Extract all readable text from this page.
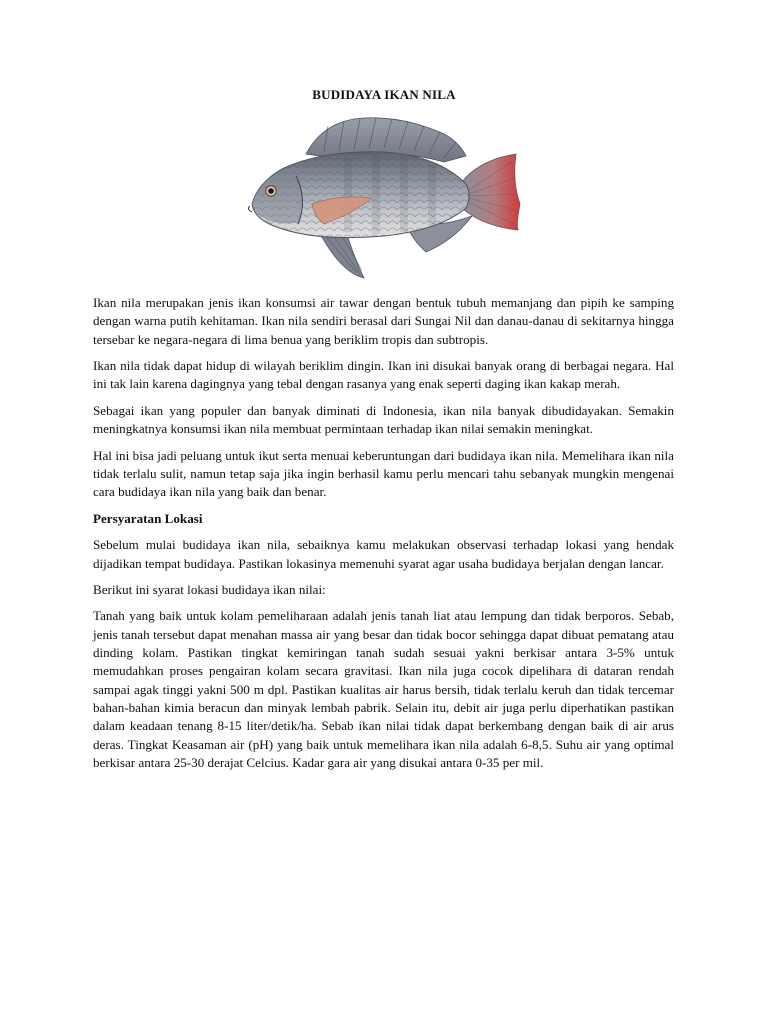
BUDIDAYA IKAN NILA

Ikan nila merupakan jenis ikan konsumsi air tawar dengan bentuk tubuh memanjang dan pipih ke samping dengan warna putih kehitaman. Ikan nila sendiri berasal dari Sungai Nil dan danau-danau di sekitarnya hingga tersebar ke negara-negara di lima benua yang beriklim tropis dan subtropis.

Ikan nila tidak dapat hidup di wilayah beriklim dingin. Ikan ini disukai banyak orang di berbagai negara. Hal ini tak lain karena dagingnya yang tebal dengan rasanya yang enak seperti daging ikan kakap merah.

Sebagai ikan yang populer dan banyak diminati di Indonesia, ikan nila banyak dibudidayakan. Semakin meningkatnya konsumsi ikan nila membuat permintaan terhadap ikan nilai semakin meningkat.

Hal ini bisa jadi peluang untuk ikut serta menuai keberuntungan dari budidaya ikan nila. Memelihara ikan nila tidak terlalu sulit, namun tetap saja jika ingin berhasil kamu perlu mencari tahu sebanyak mungkin mengenai cara budidaya ikan nila yang baik dan benar.

Persyaratan Lokasi

Sebelum mulai budidaya ikan nila, sebaiknya kamu melakukan observasi terhadap lokasi yang hendak dijadikan tempat budidaya. Pastikan lokasinya memenuhi syarat agar usaha budidaya berjalan dengan lancar.

Berikut ini syarat lokasi budidaya ikan nilai:

Tanah yang baik untuk kolam pemeliharaan adalah jenis tanah liat atau lempung dan tidak berporos. Sebab, jenis tanah tersebut dapat menahan massa air yang besar dan tidak bocor sehingga dapat dibuat pematang atau dinding kolam. Pastikan tingkat kemiringan tanah sudah sesuai yakni berkisar antara 3-5% untuk memudahkan proses pengairan kolam secara gravitasi. Ikan nila juga cocok dipelihara di dataran rendah sampai agak tinggi yakni 500 m dpl. Pastikan kualitas air harus bersih, tidak terlalu keruh dan tidak tercemar bahan-bahan kimia beracun dan minyak lembah pabrik. Selain itu, debit air juga perlu diperhatikan pastikan dalam keadaan tenang 8-15 liter/detik/ha. Sebab ikan nilai tidak dapat berkembang dengan baik di air arus deras. Tingkat Keasaman air (pH) yang baik untuk memelihara ikan nila adalah 6-8,5. Suhu air yang optimal berkisar antara 25-30 derajat Celcius. Kadar gara air yang disukai antara 0-35 per mil.
